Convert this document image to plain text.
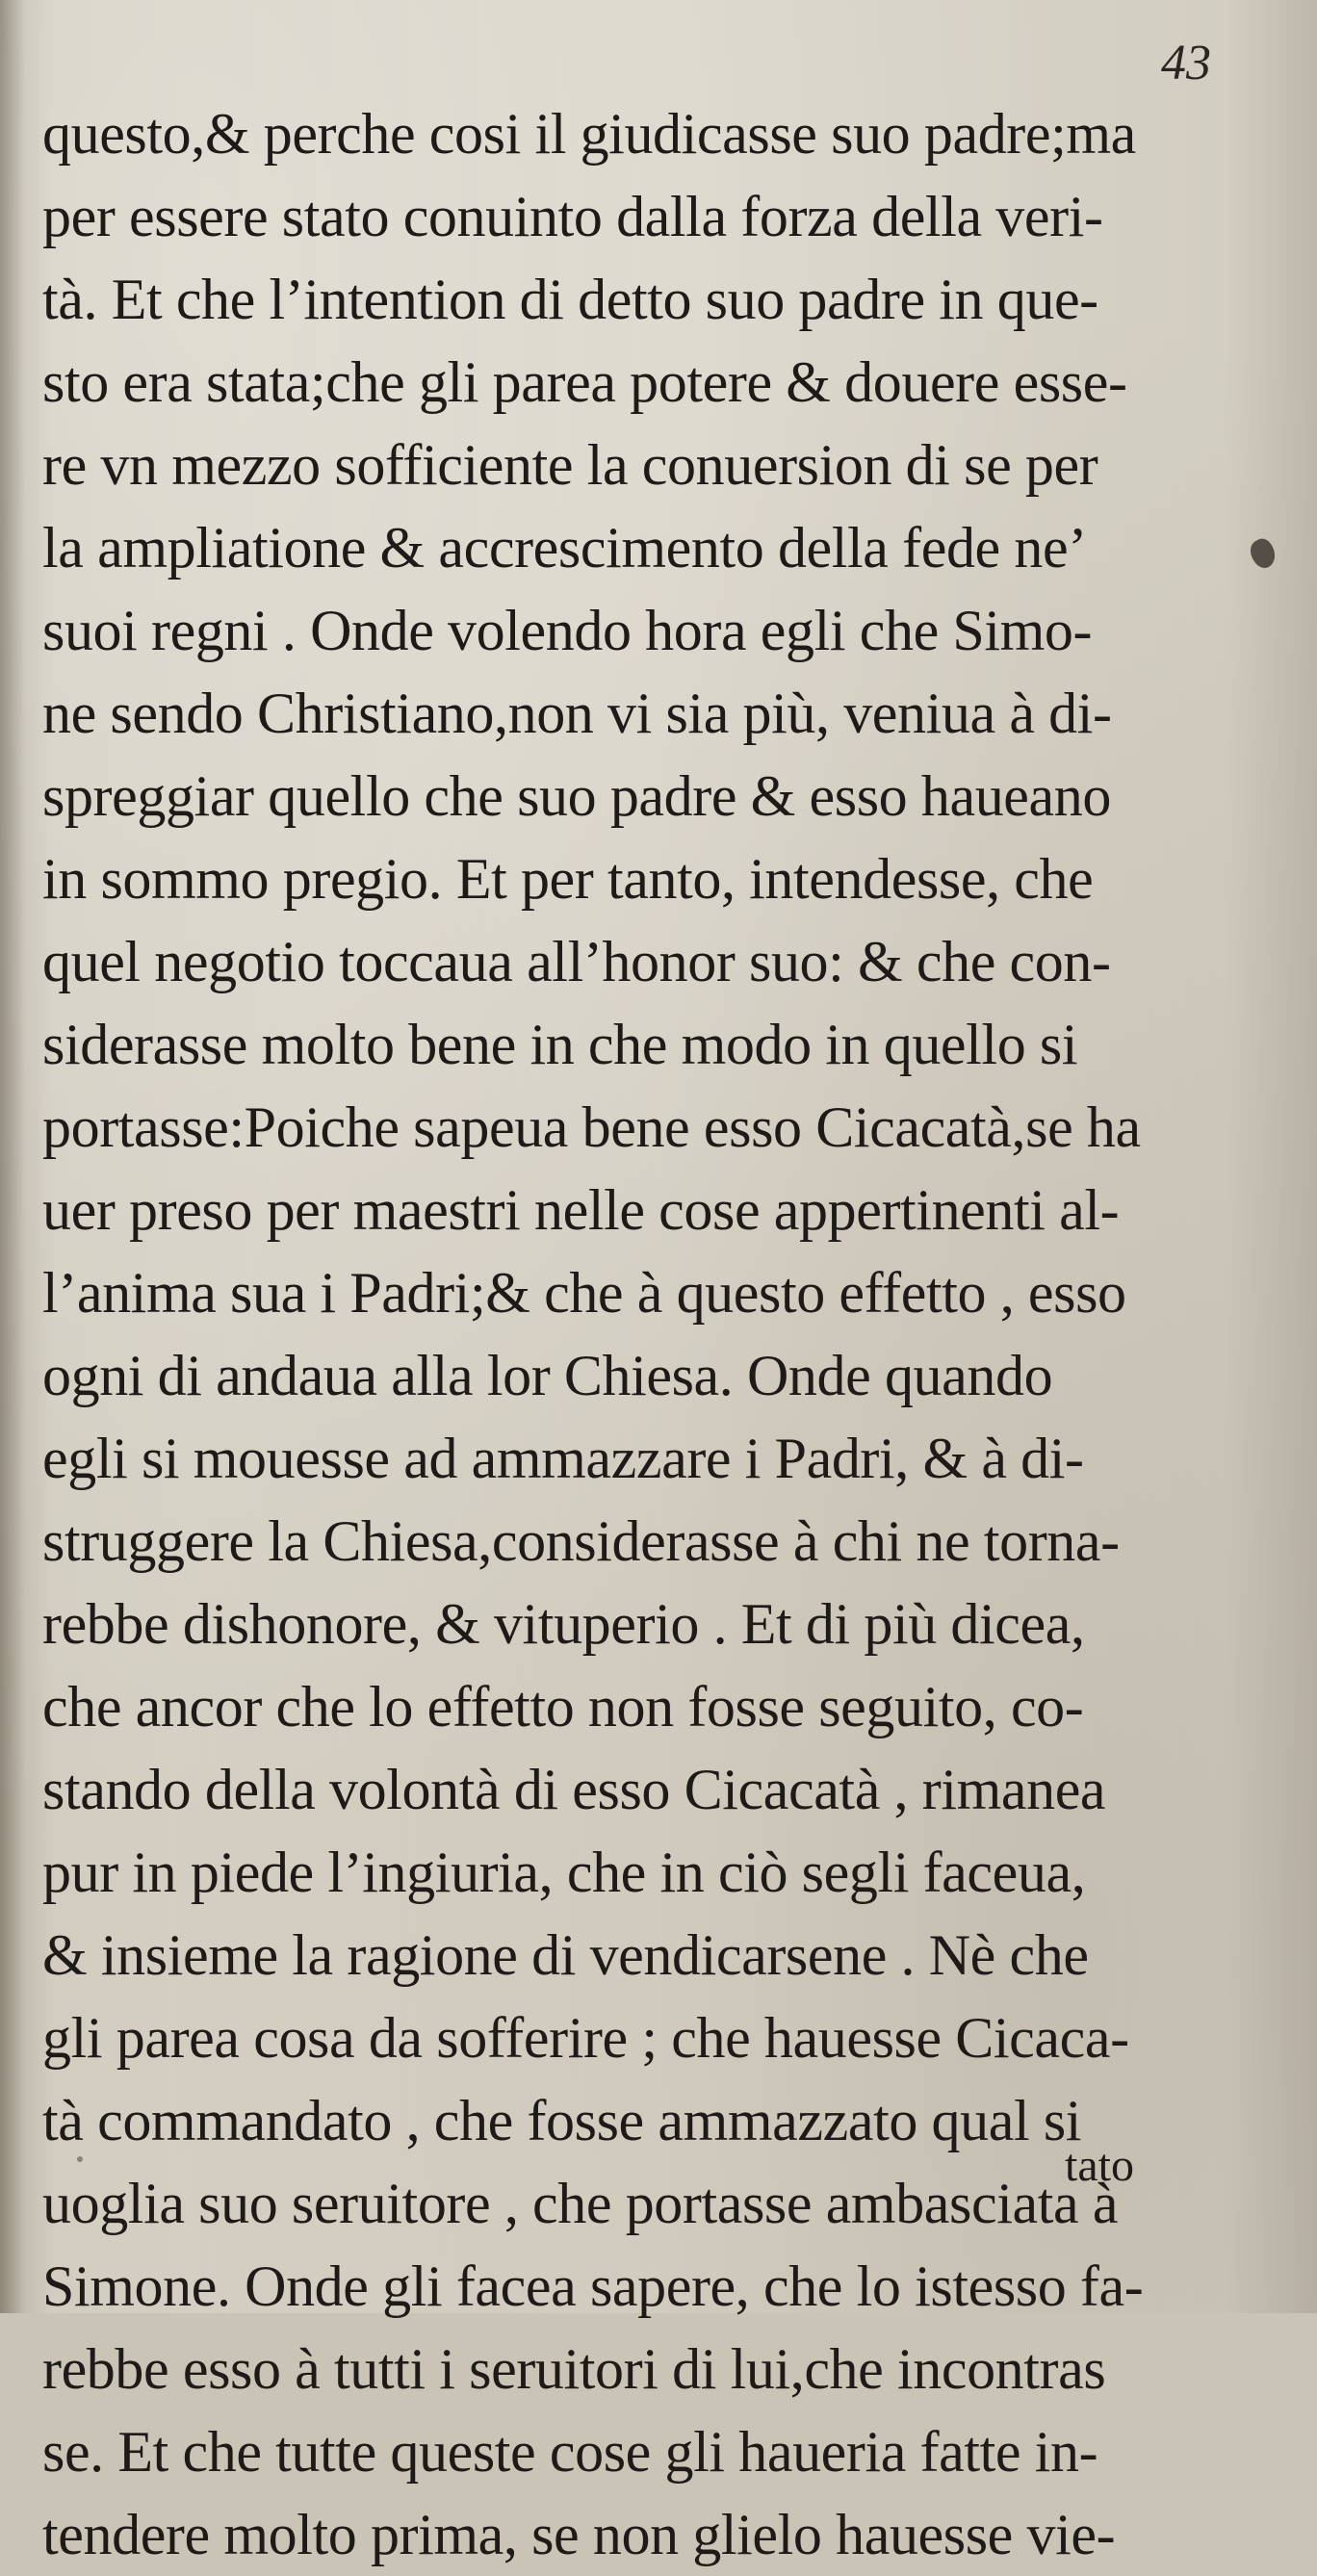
43
questo,& perche cosi il giudicasse suo padre;ma
per essere stato conuinto dalla forza della veri-
tà. Et che l’intention di detto suo padre in que-
sto era stata;che gli parea potere & douere esse-
re vn mezzo sofficiente la conuersion di se per
la ampliatione & accrescimento della fede ne’
suoi regni . Onde volendo hora egli che Simo-
ne sendo Christiano,non vi sia più, veniua à di-
spreggiar quello che suo padre & esso haueano
in sommo pregio. Et per tanto, intendesse, che
quel negotio toccaua all’honor suo: & che con-
siderasse molto bene in che modo in quello si
portasse:Poiche sapeua bene esso Cicacatà,se ha
uer preso per maestri nelle cose appertinenti al-
l’anima sua i Padri;& che à questo effetto , esso
ogni di andaua alla lor Chiesa. Onde quando
egli si mouesse ad ammazzare i Padri, & à di-
struggere la Chiesa,considerasse à chi ne torna-
rebbe dishonore, & vituperio . Et di più dicea,
che ancor che lo effetto non fosse seguito, co-
stando della volontà di esso Cicacatà , rimanea
pur in piede l’ingiuria, che in ciò segli faceua,
& insieme la ragione di vendicarsene . Nè che
gli parea cosa da sofferire ; che hauesse Cicaca-
tà commandato , che fosse ammazzato qual si
uoglia suo seruitore , che portasse ambasciata à
Simone. Onde gli facea sapere, che lo istesso fa-
rebbe esso à tutti i seruitori di lui,che incontras
se. Et che tutte queste cose gli haueria fatte in-
tendere molto prima, se non glielo hauesse vie-
tato
